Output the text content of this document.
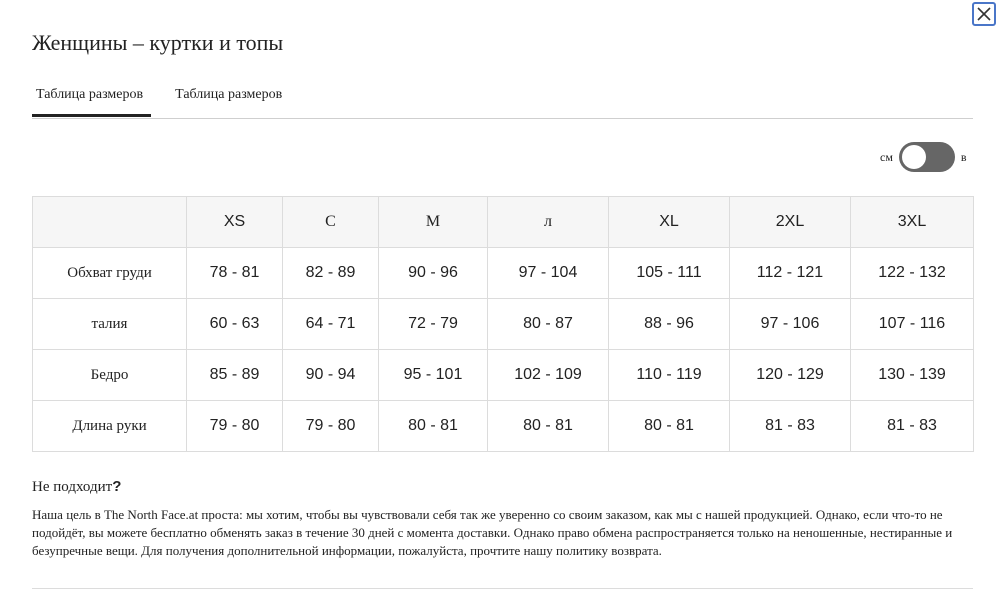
Женщины – куртки и топы
Таблица размеров	Таблица размеров
см	в
	XS	С	М	л	XL	2XL	3XL
Обхват груди	78 - 81	82 - 89	90 - 96	97 - 104	105 - 111	112 - 121	122 - 132
талия	60 - 63	64 - 71	72 - 79	80 - 87	88 - 96	97 - 106	107 - 116
Бедро	85 - 89	90 - 94	95 - 101	102 - 109	110 - 119	120 - 129	130 - 139
Длина руки	79 - 80	79 - 80	80 - 81	80 - 81	80 - 81	81 - 83	81 - 83
Не подходит?

Наша цель в The North Face.at проста: мы хотим, чтобы вы чувствовали себя так же уверенно со своим заказом, как мы с нашей продукцией. Однако, если что-то не подойдёт, вы можете бесплатно обменять заказ в течение 30 дней с момента доставки. Однако право обмена распространяется только на неношенные, нестиранные и безупречные вещи. Для получения дополнительной информации, пожалуйста, прочтите нашу политику возврата.
